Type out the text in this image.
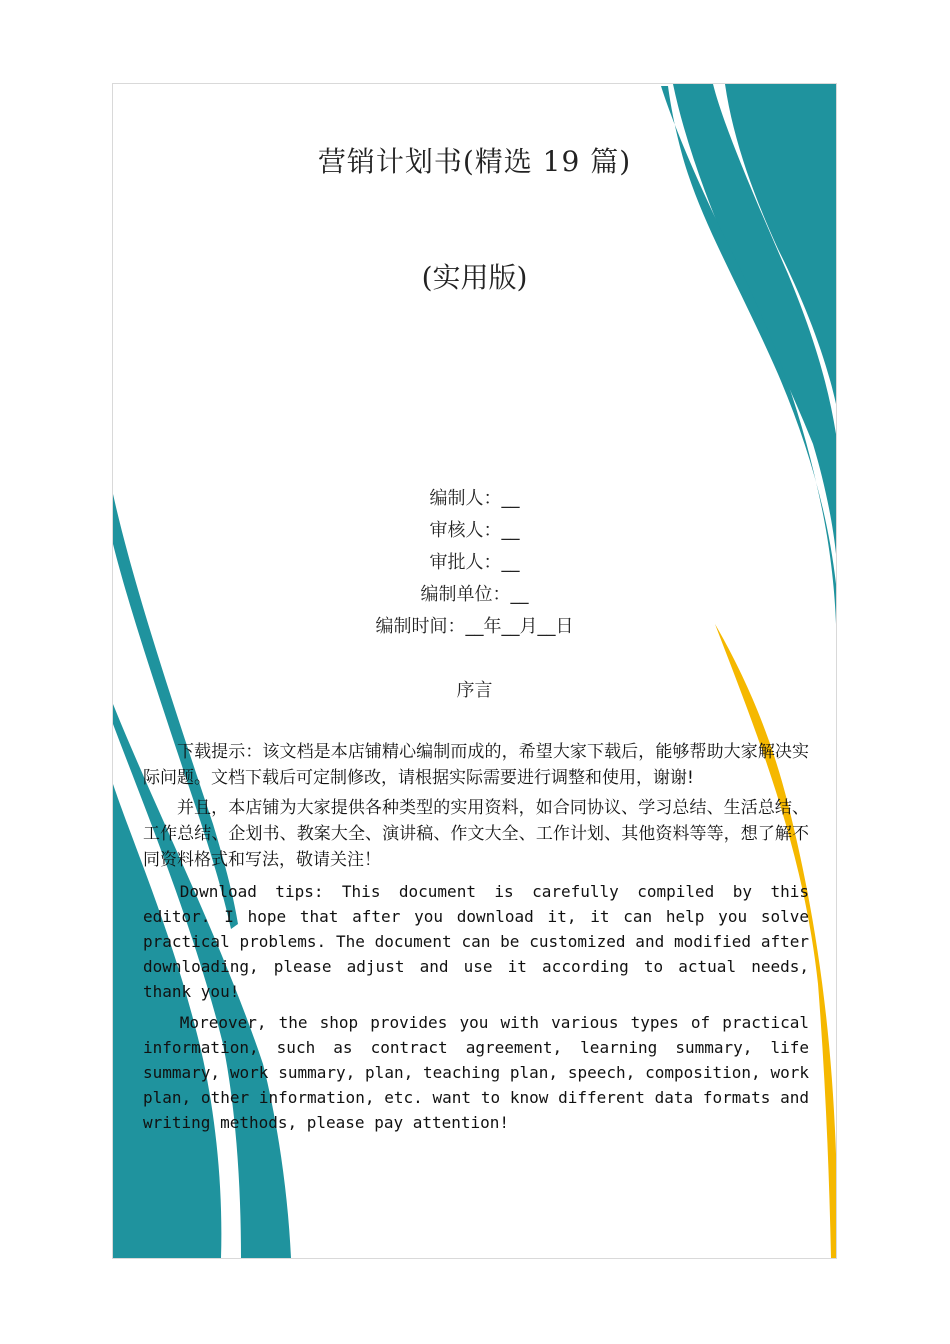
营销计划书(精选 19 篇)
(实用版)
编制人：__
审核人：__
审批人：__
编制单位：__
编制时间：__年__月__日
序言

下载提示：该文档是本店铺精心编制而成的，希望大家下载后，能够帮助大家解决实际问题。文档下载后可定制修改，请根据实际需要进行调整和使用，谢谢!

并且，本店铺为大家提供各种类型的实用资料，如合同协议、学习总结、生活总结、工作总结、企划书、教案大全、演讲稿、作文大全、工作计划、其他资料等等，想了解不同资料格式和写法，敬请关注！

Download tips: This document is carefully compiled by this editor. I hope that after you download it, it can help you solve practical problems. The document can be customized and modified after downloading, please adjust and use it according to actual needs, thank you!

Moreover, the shop provides you with various types of practical information, such as contract agreement, learning summary, life summary, work summary, plan, teaching plan, speech, composition, work plan, other information, etc. want to know different data formats and writing methods, please pay attention!
